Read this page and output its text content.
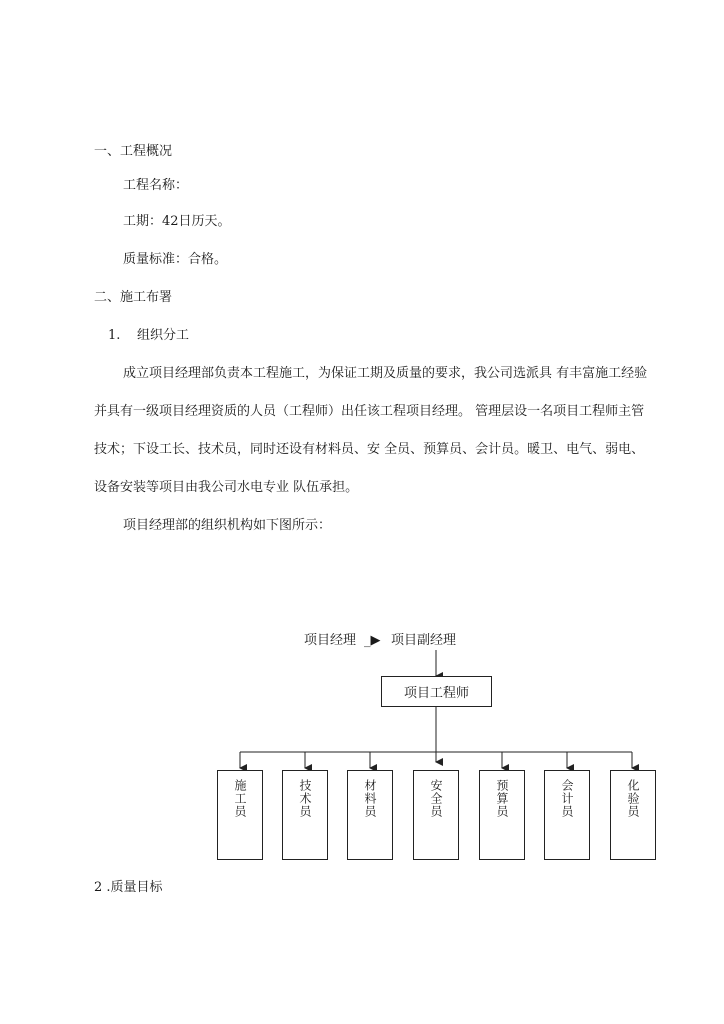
一、工程概况
工程名称：
工期：42日历天。
质量标准：合格。
二、施工布署
1. 组织分工
成立项目经理部负责本工程施工，为保证工期及质量的要求，我公司选派具 有丰富施工经验
并具有一级项目经理资质的人员（工程师）出任该工程项目经理。 管理层设一名项目工程师主管
技术；下设工长、技术员，同时还设有材料员、安 全员、预算员、会计员。暖卫、电气、弱电、
设备安装等项目由我公司水电专业 队伍承担。
项目经理部的组织机构如下图所示：
项目经理 _▶ 项目副经理
项目工程师
施工员	技术员	材料员	安全员	预算员	会计员	化验员
2 .质量目标
